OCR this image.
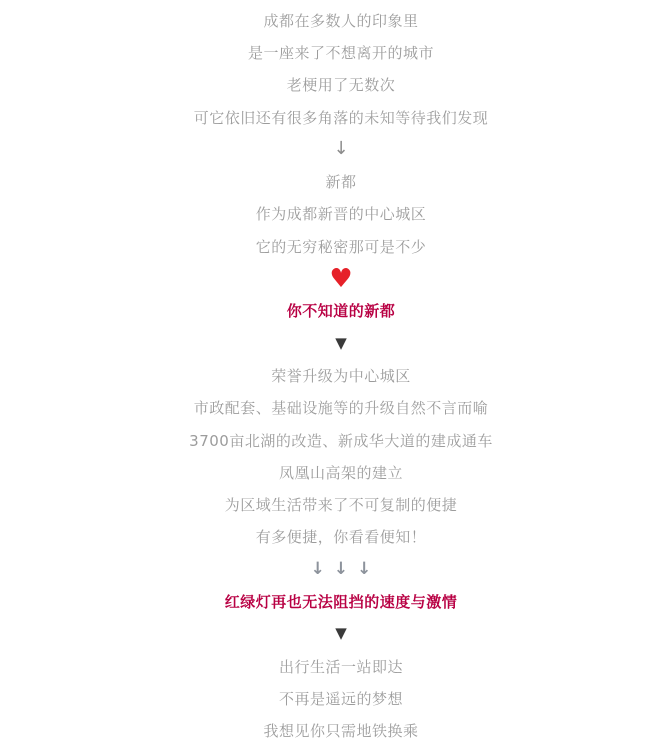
成都在多数人的印象里

是一座来了不想离开的城市

老梗用了无数次

可它依旧还有很多角落的未知等待我们发现

↓

新都

作为成都新晋的中心城区

它的无穷秘密那可是不少

♥
你不知道的新都
▼

荣誉升级为中心城区

市政配套、基础设施等的升级自然不言而喻

3700亩北湖的改造、新成华大道的建成通车

凤凰山高架的建立

为区域生活带来了不可复制的便捷

有多便捷，你看看便知！

↓ ↓ ↓
红绿灯再也无法阻挡的速度与激情
▼

出行生活一站即达

不再是遥远的梦想

我想见你只需地铁换乘
